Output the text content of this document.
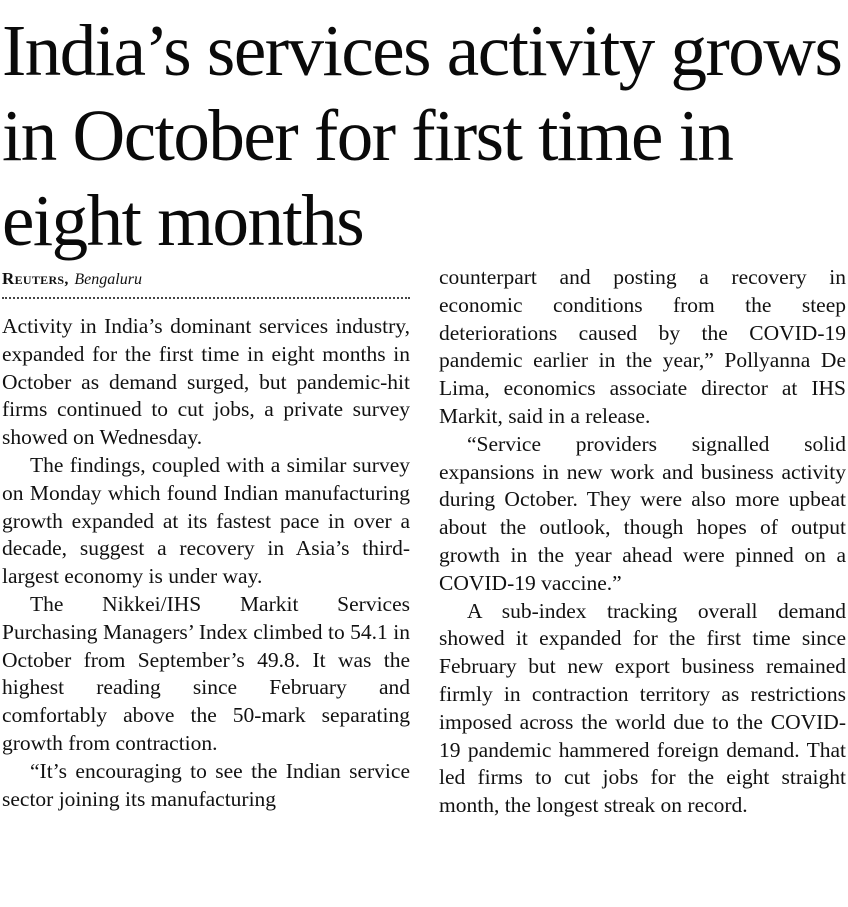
India’s services activity grows in October for first time in eight months
Reuters, Bengaluru

Activity in India’s dominant services industry, expanded for the first time in eight months in October as demand surged, but pandemic-hit firms continued to cut jobs, a private survey showed on Wednesday.

The findings, coupled with a similar survey on Monday which found Indian manufacturing growth expanded at its fastest pace in over a decade, suggest a recovery in Asia’s third-largest economy is under way.

The Nikkei/IHS Markit Services Purchasing Managers’ Index climbed to 54.1 in October from September’s 49.8. It was the highest reading since February and comfortably above the 50-mark separating growth from contraction.

“It’s encouraging to see the Indian service sector joining its manufacturing

counterpart and posting a recovery in economic conditions from the steep deteriorations caused by the COVID-19 pandemic earlier in the year,” Pollyanna De Lima, economics associate director at IHS Markit, said in a release.

“Service providers signalled solid expansions in new work and business activity during October. They were also more upbeat about the outlook, though hopes of output growth in the year ahead were pinned on a COVID-19 vaccine.”

A sub-index tracking overall demand showed it expanded for the first time since February but new export business remained firmly in contraction territory as restrictions imposed across the world due to the COVID-19 pandemic hammered foreign demand. That led firms to cut jobs for the eight straight month, the longest streak on record.
